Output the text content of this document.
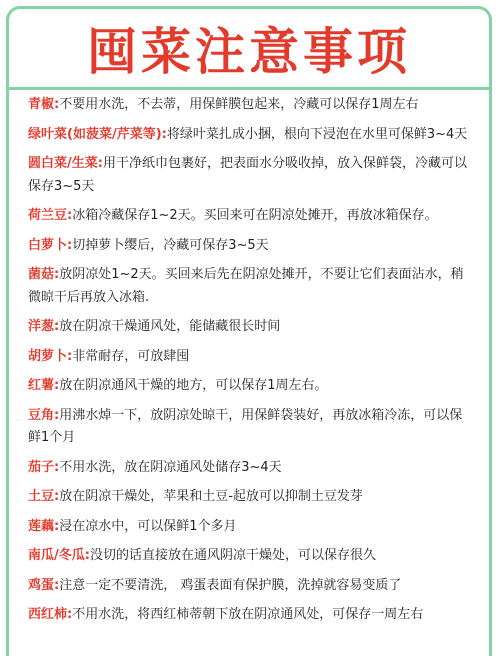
囤菜注意事项
青椒:不要用水洗，不去蒂，用保鲜膜包起来，冷藏可以保存1周左右
绿叶菜(如菠菜/芹菜等):将绿叶菜扎成小捆，根向下浸泡在水里可保鲜3~4天
圆白菜/生菜:用干净纸巾包裹好，把表面水分吸收掉，放入保鲜袋，冷藏可以保存3~5天
荷兰豆:冰箱冷藏保存1~2天。买回来可在阴凉处摊开，再放冰箱保存。
白萝卜:切掉萝卜缨后，冷藏可保存3~5天
菌菇:放阴凉处1~2天。买回来后先在阴凉处摊开，不要让它们表面沾水，稍微晾干后再放入冰箱.
洋葱:放在阴凉干燥通风处，能储藏很长时间
胡萝卜:非常耐存，可放肆囤
红薯:放在阴凉通风干燥的地方，可以保存1周左右。
豆角:用沸水焯一下，放阴凉处晾干，用保鲜袋装好，再放冰箱冷冻，可以保鲜1个月
茄子:不用水洗，放在阴凉通风处储存3~4天
土豆:放在阴凉干燥处，苹果和土豆-起放可以抑制土豆发芽
莲藕:浸在凉水中，可以保鲜1个多月
南瓜/冬瓜:没切的话直接放在通风阴凉干燥处，可以保存很久
鸡蛋:注意一定不要清洗， 鸡蛋表面有保护膜，洗掉就容易变质了
西红柿:不用水洗，将西红柿蒂朝下放在阴凉通风处，可保存一周左右
